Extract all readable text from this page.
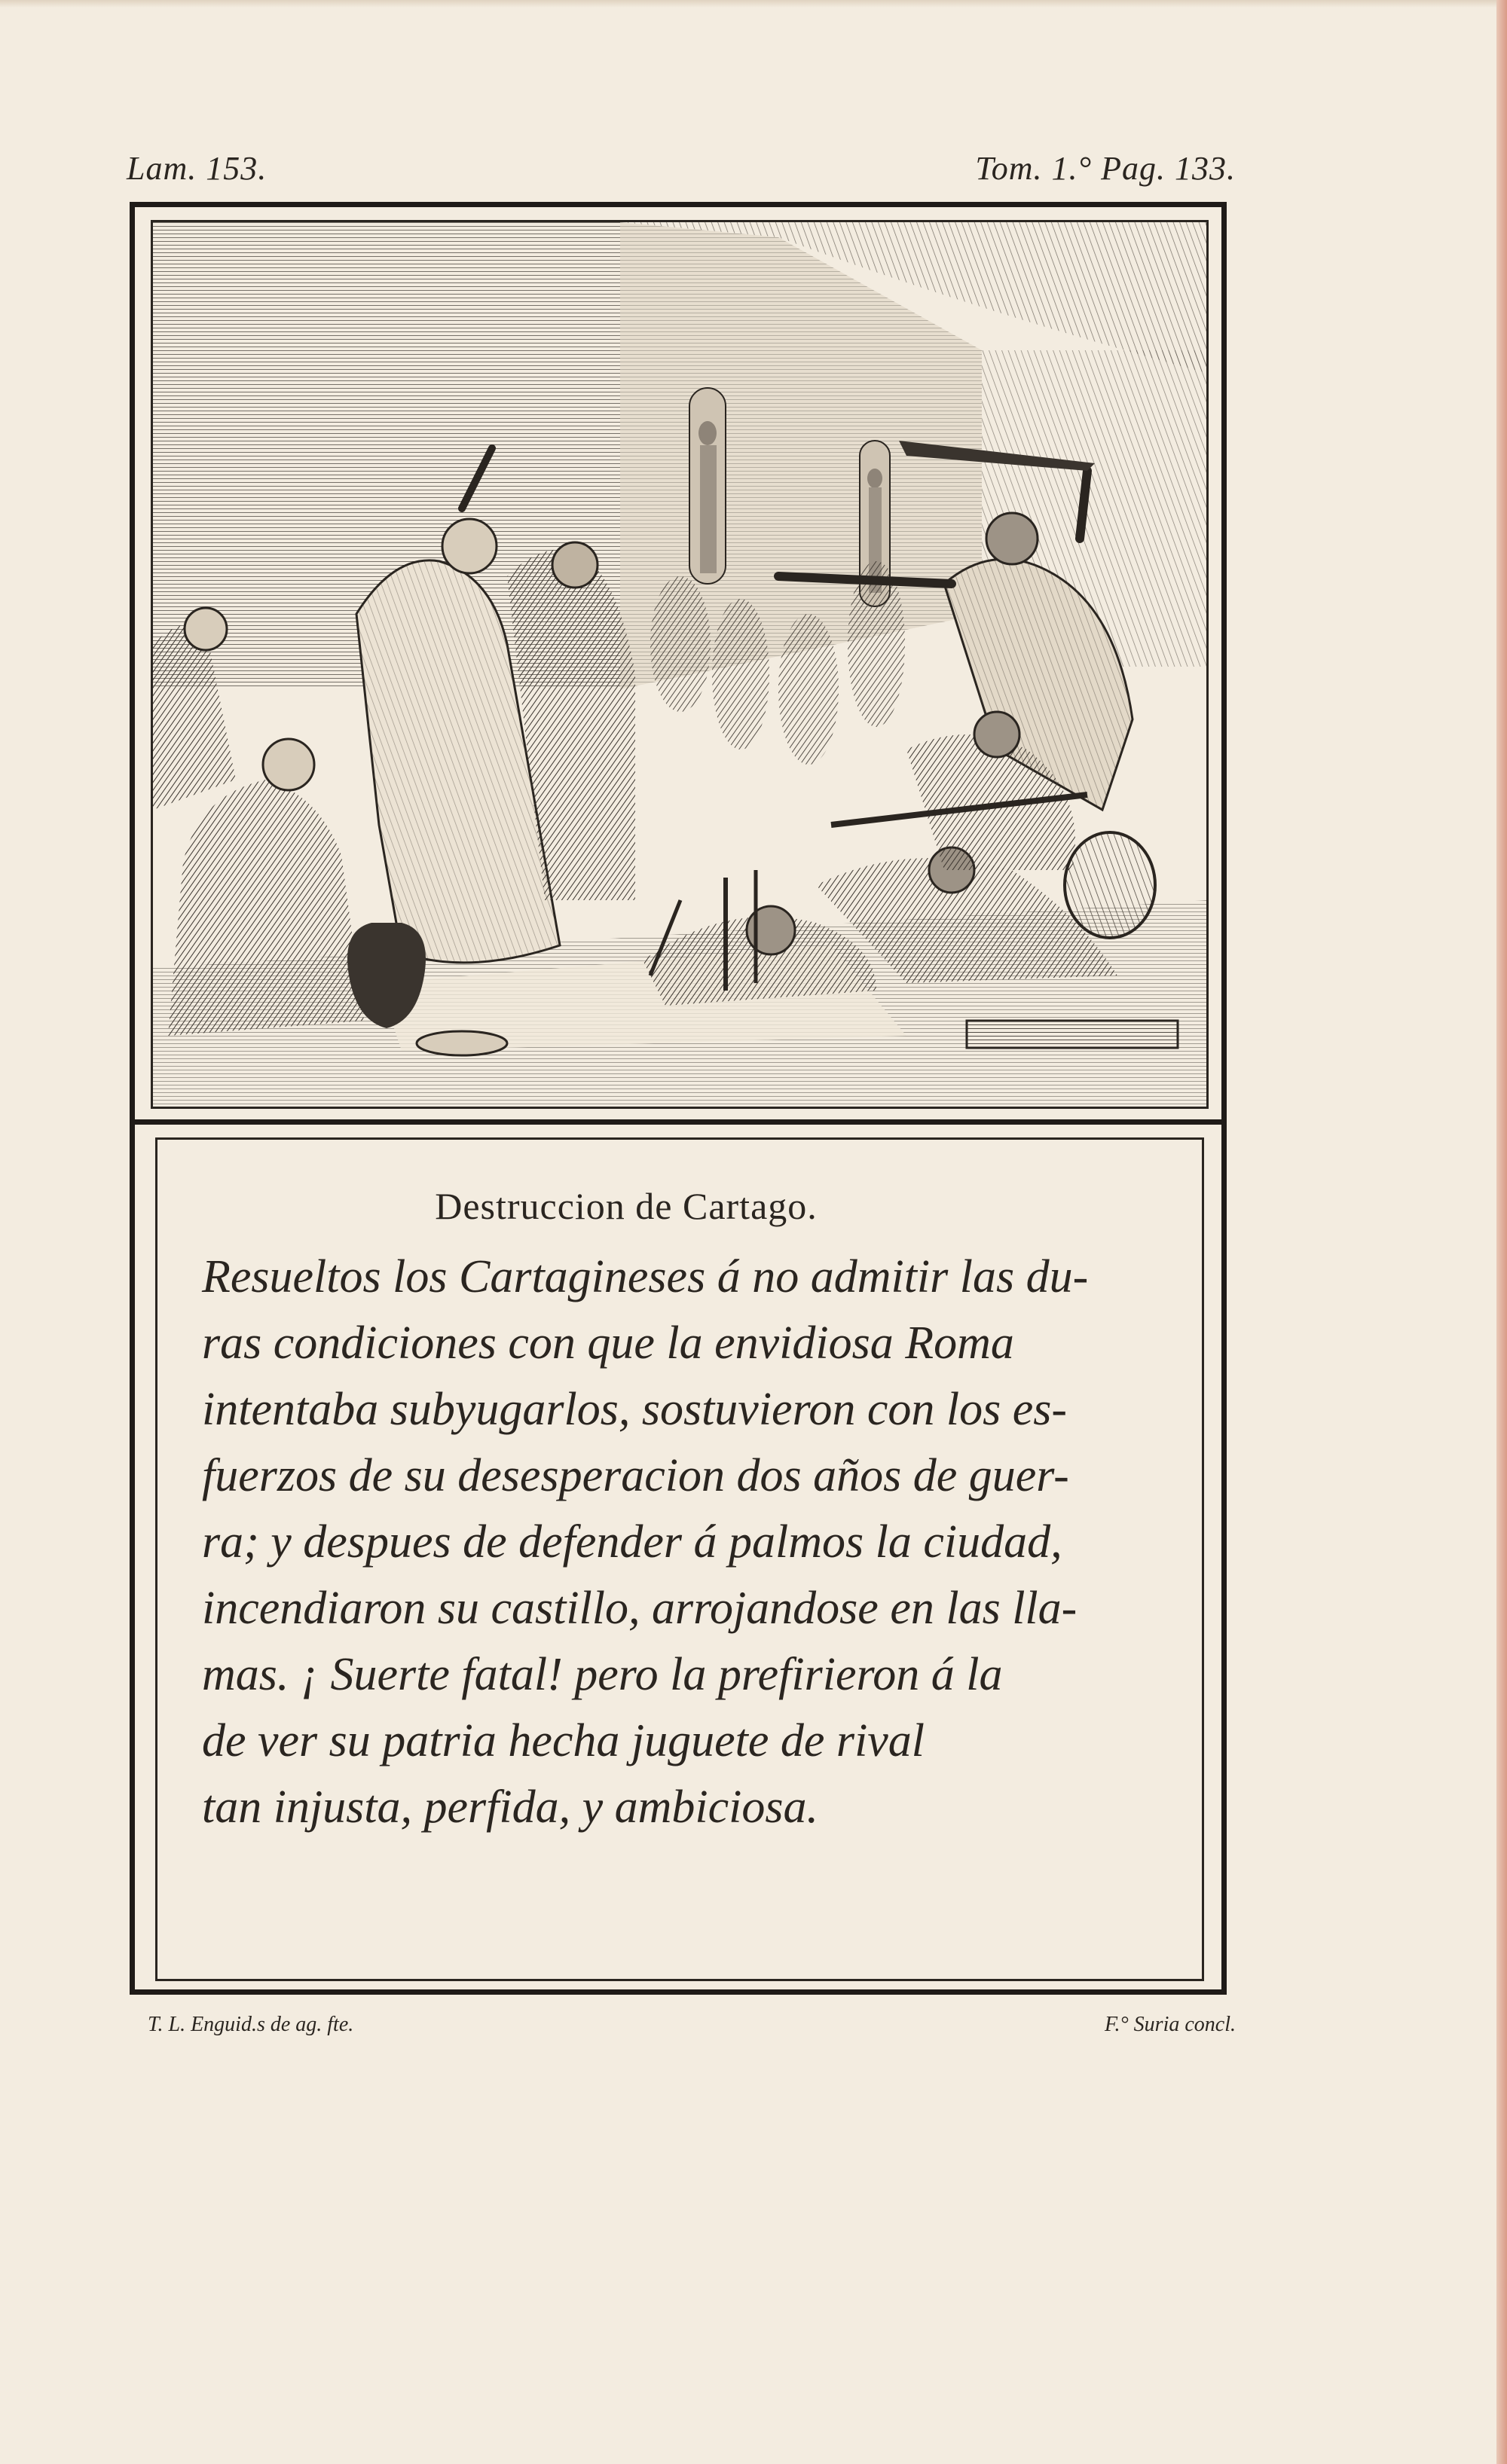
Lam. 153.	Tom. 1.° Pag. 133.
Destruccion de Cartago.
Resueltos los Cartagineses á no admitir las du-
ras condiciones con que la envidiosa Roma
intentaba subyugarlos, sostuvieron con los es-
fuerzos de su desesperacion dos años de guer-
ra; y despues de defender á palmos la ciudad,
incendiaron su castillo, arrojandose en las lla-
mas. ¡ Suerte fatal! pero la prefirieron á la
de ver su patria hecha juguete de rival
tan injusta, perfida, y ambiciosa.
T. L. Enguid.s de ag. fte.	F.° Suria concl.
